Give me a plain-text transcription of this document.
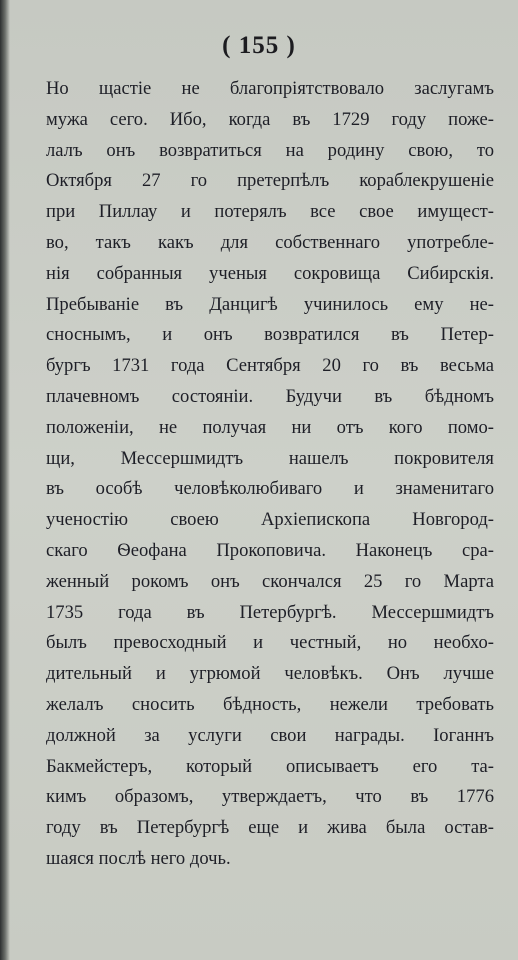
( 155 )
Но щастіе не благопріятствовало заслугамъ
мужа сего. Ибо, когда въ 1729 году поже-
лалъ онъ возвратиться на родину свою, то
Октября 27 го претерпѣлъ кораблекрушеніе
при Пиллау и потерялъ все свое имущест-
во, такъ какъ для собственнаго употребле-
нія собранныя ученыя сокровища Сибирскія.
Пребываніе въ Данцигѣ учинилось ему не-
сноснымъ, и онъ возвратился въ Петер-
бургъ 1731 года Сентября 20 го въ весьма
плачевномъ состояніи. Будучи въ бѣдномъ
положеніи, не получая ни отъ кого помо-
щи, Мессершмидтъ нашелъ покровителя
въ особѣ человѣколюбиваго и знаменитаго
ученостію своею Архіепископа Новгород-
скаго Ѳеофана Прокоповича. Наконецъ сра-
женный рокомъ онъ скончался 25 го Марта
1735 года въ Петербургѣ. Мессершмидтъ
былъ превосходный и честный, но необхо-
дительный и угрюмой человѣкъ. Онъ лучше
желалъ сносить бѣдность, нежели требовать
должной за услуги свои награды. Іоганнъ
Бакмейстеръ, который описываетъ его та-
кимъ образомъ, утверждаетъ, что въ 1776
году въ Петербургѣ еще и жива была остав-
шаяся послѣ него дочь.
